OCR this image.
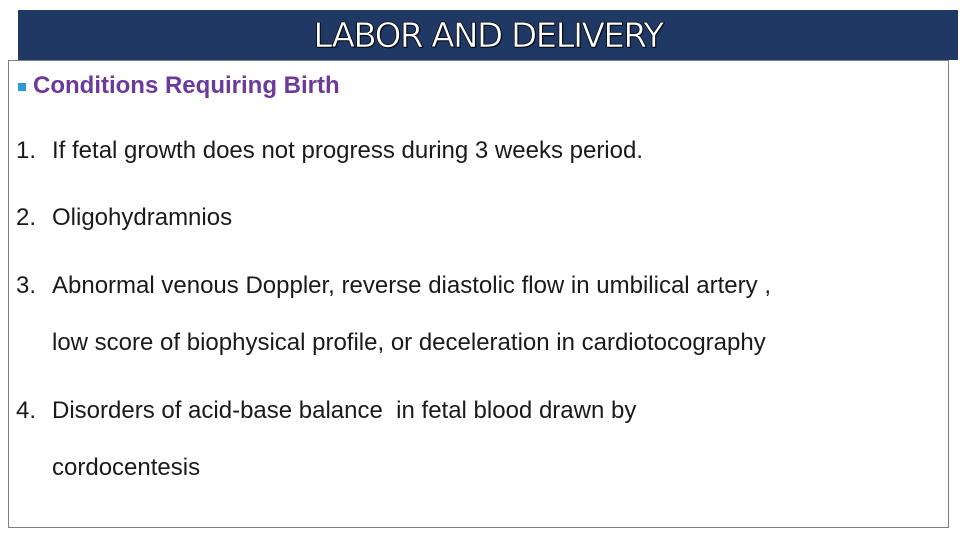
LABOR AND DELIVERY
Conditions Requiring Birth
1. If fetal growth does not progress during 3 weeks period.
2. Oligohydramnios
3. Abnormal venous Doppler, reverse diastolic flow in umbilical artery ,
low score of biophysical profile, or deceleration in cardiotocography
4. Disorders of acid-base balance  in fetal blood drawn by
cordocentesis
